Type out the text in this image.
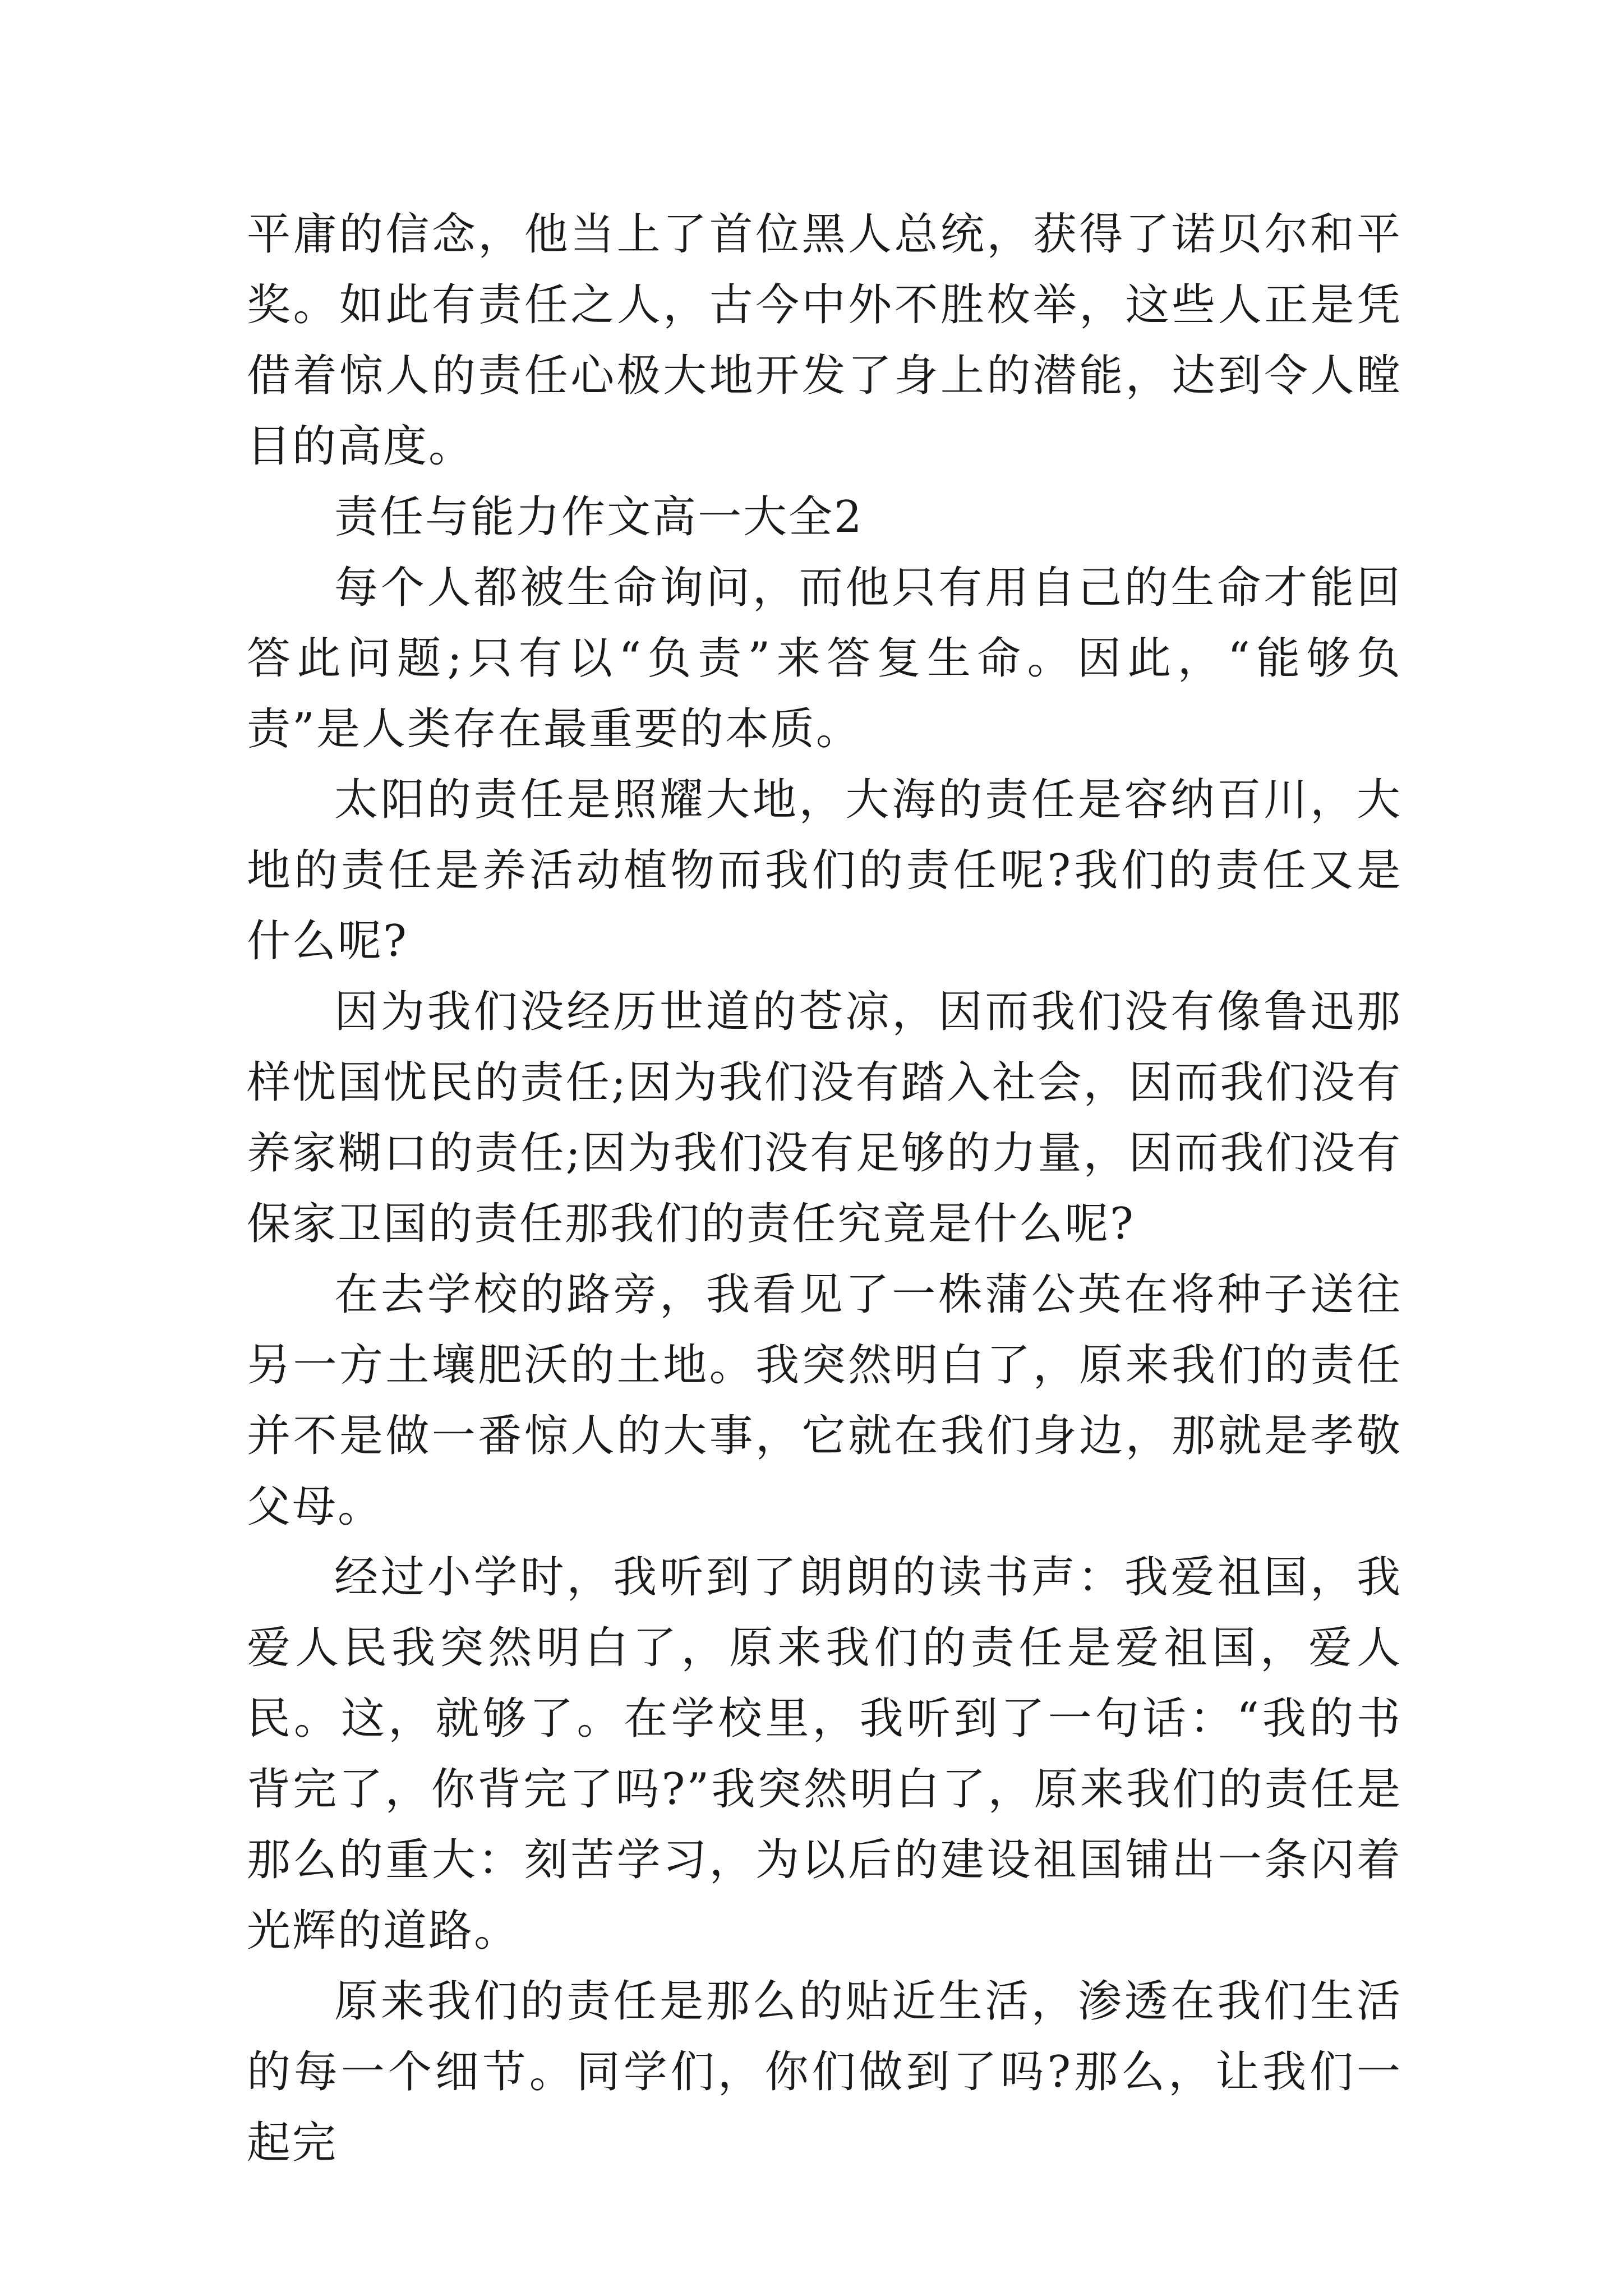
平庸的信念，他当上了首位黑人总统，获得了诺贝尔和平奖。如此有责任之人，古今中外不胜枚举，这些人正是凭借着惊人的责任心极大地开发了身上的潜能，达到令人瞠目的高度。

责任与能力作文高一大全2

每个人都被生命询问，而他只有用自己的生命才能回答此问题;只有以“负责”来答复生命。因此，“能够负责”是人类存在最重要的本质。

太阳的责任是照耀大地，大海的责任是容纳百川，大地的责任是养活动植物而我们的责任呢?我们的责任又是什么呢?

因为我们没经历世道的苍凉，因而我们没有像鲁迅那样忧国忧民的责任;因为我们没有踏入社会，因而我们没有养家糊口的责任;因为我们没有足够的力量，因而我们没有保家卫国的责任那我们的责任究竟是什么呢?

在去学校的路旁，我看见了一株蒲公英在将种子送往另一方土壤肥沃的土地。我突然明白了，原来我们的责任并不是做一番惊人的大事，它就在我们身边，那就是孝敬父母。

经过小学时，我听到了朗朗的读书声：我爱祖国，我爱人民我突然明白了，原来我们的责任是爱祖国，爱人民。这，就够了。在学校里，我听到了一句话：“我的书背完了，你背完了吗?”我突然明白了，原来我们的责任是那么的重大：刻苦学习，为以后的建设祖国铺出一条闪着光辉的道路。

原来我们的责任是那么的贴近生活，渗透在我们生活的每一个细节。同学们，你们做到了吗?那么，让我们一起完
